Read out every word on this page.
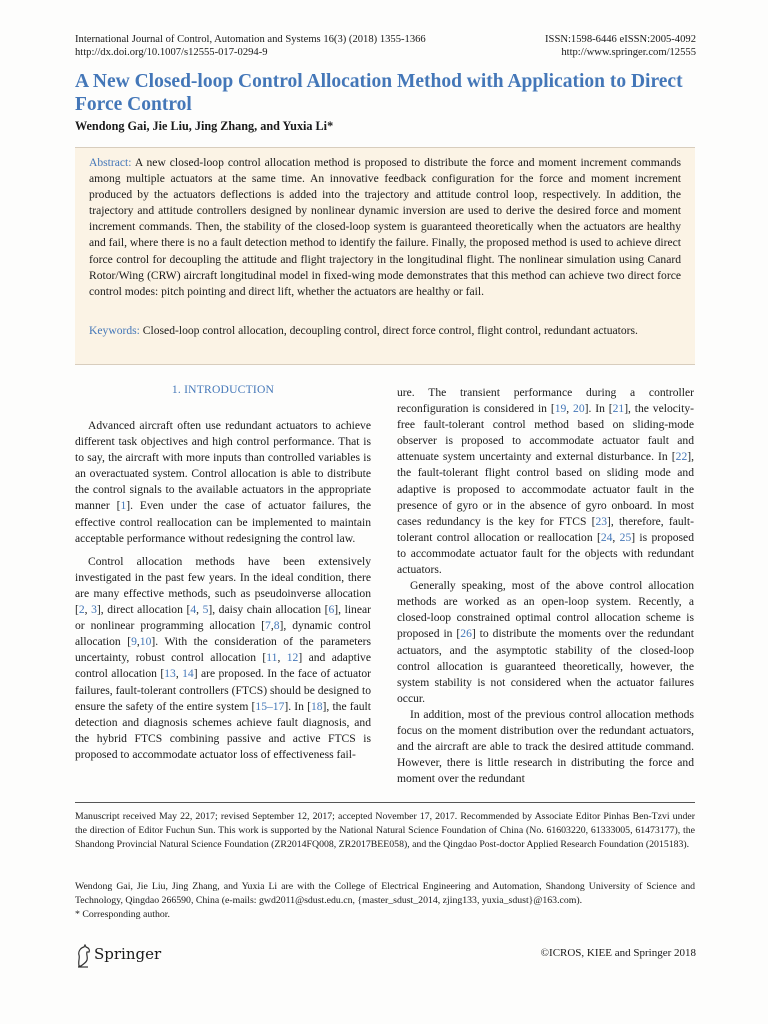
International Journal of Control, Automation and Systems 16(3) (2018) 1355-1366
http://dx.doi.org/10.1007/s12555-017-0294-9
ISSN:1598-6446 eISSN:2005-4092
http://www.springer.com/12555
A New Closed-loop Control Allocation Method with Application to Direct Force Control
Wendong Gai, Jie Liu, Jing Zhang, and Yuxia Li*
Abstract: A new closed-loop control allocation method is proposed to distribute the force and moment increment commands among multiple actuators at the same time. An innovative feedback configuration for the force and moment increment produced by the actuators deflections is added into the trajectory and attitude control loop, respectively. In addition, the trajectory and attitude controllers designed by nonlinear dynamic inversion are used to derive the desired force and moment increment commands. Then, the stability of the closed-loop system is guaranteed theoretically when the actuators are healthy and fail, where there is no a fault detection method to identify the failure. Finally, the proposed method is used to achieve direct force control for decoupling the attitude and flight trajectory in the longitudinal flight. The nonlinear simulation using Canard Rotor/Wing (CRW) aircraft longitudinal model in fixed-wing mode demonstrates that this method can achieve two direct force control modes: pitch pointing and direct lift, whether the actuators are healthy or fail.
Keywords: Closed-loop control allocation, decoupling control, direct force control, flight control, redundant actuators.
1. INTRODUCTION

Advanced aircraft often use redundant actuators to achieve different task objectives and high control performance. That is to say, the aircraft with more inputs than controlled variables is an overactuated system. Control allocation is able to distribute the control signals to the available actuators in the appropriate manner [1]. Even under the case of actuator failures, the effective control reallocation can be implemented to maintain acceptable performance without redesigning the control law.

Control allocation methods have been extensively investigated in the past few years. In the ideal condition, there are many effective methods, such as pseudoinverse allocation [2, 3], direct allocation [4, 5], daisy chain allocation [6], linear or nonlinear programming allocation [7,8], dynamic control allocation [9,10]. With the consideration of the parameters uncertainty, robust control allocation [11, 12] and adaptive control allocation [13, 14] are proposed. In the face of actuator failures, fault-tolerant controllers (FTCS) should be designed to ensure the safety of the entire system [15–17]. In [18], the fault detection and diagnosis schemes achieve fault diagnosis, and the hybrid FTCS combining passive and active FTCS is proposed to accommodate actuator loss of effectiveness fail-

ure. The transient performance during a controller reconfiguration is considered in [19, 20]. In [21], the velocity-free fault-tolerant control method based on sliding-mode observer is proposed to accommodate actuator fault and attenuate system uncertainty and external disturbance. In [22], the fault-tolerant flight control based on sliding mode and adaptive is proposed to accommodate actuator fault in the presence of gyro or in the absence of gyro onboard. In most cases redundancy is the key for FTCS [23], therefore, fault-tolerant control allocation or reallocation [24, 25] is proposed to accommodate actuator fault for the objects with redundant actuators.

Generally speaking, most of the above control allocation methods are worked as an open-loop system. Recently, a closed-loop constrained optimal control allocation scheme is proposed in [26] to distribute the moments over the redundant actuators, and the asymptotic stability of the closed-loop control allocation is guaranteed theoretically, however, the system stability is not considered when the actuator failures occur.

In addition, most of the previous control allocation methods focus on the moment distribution over the redundant actuators, and the aircraft are able to track the desired attitude command. However, there is little research in distributing the force and moment over the redundant

Manuscript received May 22, 2017; revised September 12, 2017; accepted November 17, 2017. Recommended by Associate Editor Pinhas Ben-Tzvi under the direction of Editor Fuchun Sun. This work is supported by the National Natural Science Foundation of China (No. 61603220, 61333005, 61473177), the Shandong Provincial Natural Science Foundation (ZR2014FQ008, ZR2017BEE058), and the Qingdao Post-doctor Applied Research Foundation (2015183).
Wendong Gai, Jie Liu, Jing Zhang, and Yuxia Li are with the College of Electrical Engineering and Automation, Shandong University of Science and Technology, Qingdao 266590, China (e-mails: gwd2011@sdust.edu.cn, {master_sdust_2014, zjing133, yuxia_sdust}@163.com).
* Corresponding author.
Springer	©ICROS, KIEE and Springer 2018
